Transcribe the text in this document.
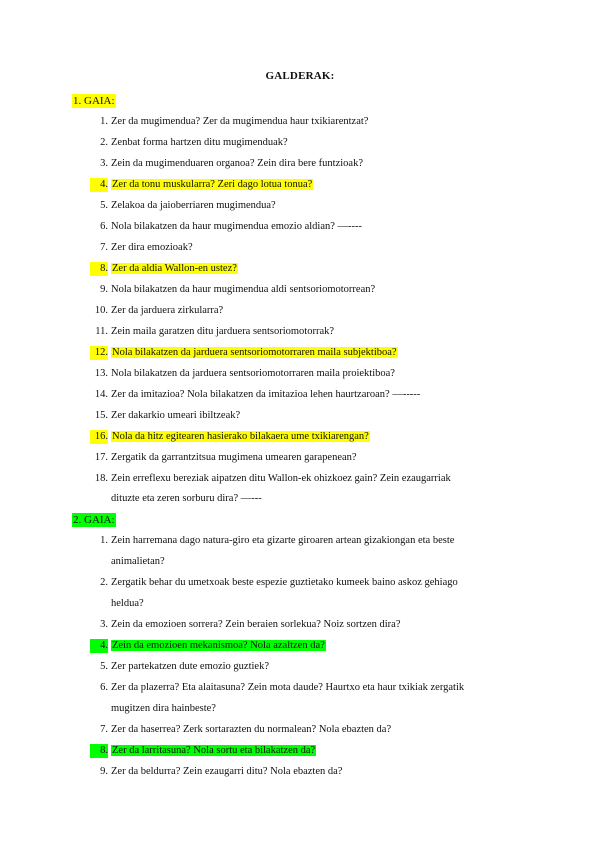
GALDERAK:
1. GAIA:
1. Zer da mugimendua? Zer da mugimendua haur txikiarentzat?
2. Zenbat forma hartzen ditu mugimenduak?
3. Zein da mugimenduaren organoa? Zein dira bere funtzioak?
4. Zer da tonu muskularra? Zeri dago lotua tonua?
5. Zelakoa da jaioberriaren mugimendua?
6. Nola bilakatzen da haur mugimendua emozio aldian? —----
7. Zer dira emozioak?
8. Zer da aldia Wallon-en ustez?
9. Nola bilakatzen da haur mugimendua aldi sentsoriomotorrean?
10. Zer da jarduera zirkularra?
11. Zein maila garatzen ditu jarduera sentsoriomotorrak?
12. Nola bilakatzen da jarduera sentsoriomotorraren maila subjektiboa?
13. Nola bilakatzen da jarduera sentsoriomotorraren maila proiektiboa?
14. Zer da imitazioa? Nola bilakatzen da imitazioa lehen haurtzaroan? —-----
15. Zer dakarkio umeari ibiltzeak?
16. Nola da hitz egitearen hasierako bilakaera ume txikiarengan?
17. Zergatik da garrantzitsua mugimena umearen garapenean?
18. Zein erreflexu bereziak aipatzen ditu Wallon-ek ohizkoez gain? Zein ezaugarriak
dituzte eta zeren sorburu dira? —---
2. GAIA:
1. Zein harremana dago natura-giro eta gizarte giroaren artean gizakiongan eta beste
animalietan?
2. Zergatik behar du umetxoak beste espezie guztietako kumeek baino askoz gehiago
heldua?
3. Zein da emozioen sorrera? Zein beraien sorlekua? Noiz sortzen dira?
4. Zein da emozioen mekanismoa? Nola azaltzen da?
5. Zer partekatzen dute emozio guztiek?
6. Zer da plazerra? Eta alaitasuna? Zein mota daude? Haurtxo eta haur txikiak zergatik
mugitzen dira hainbeste?
7. Zer da haserrea? Zerk sortarazten du normalean? Nola ebazten da?
8. Zer da larritasuna? Nola sortu eta bilakatzen da?
9. Zer da beldurra? Zein ezaugarri ditu? Nola ebazten da?
